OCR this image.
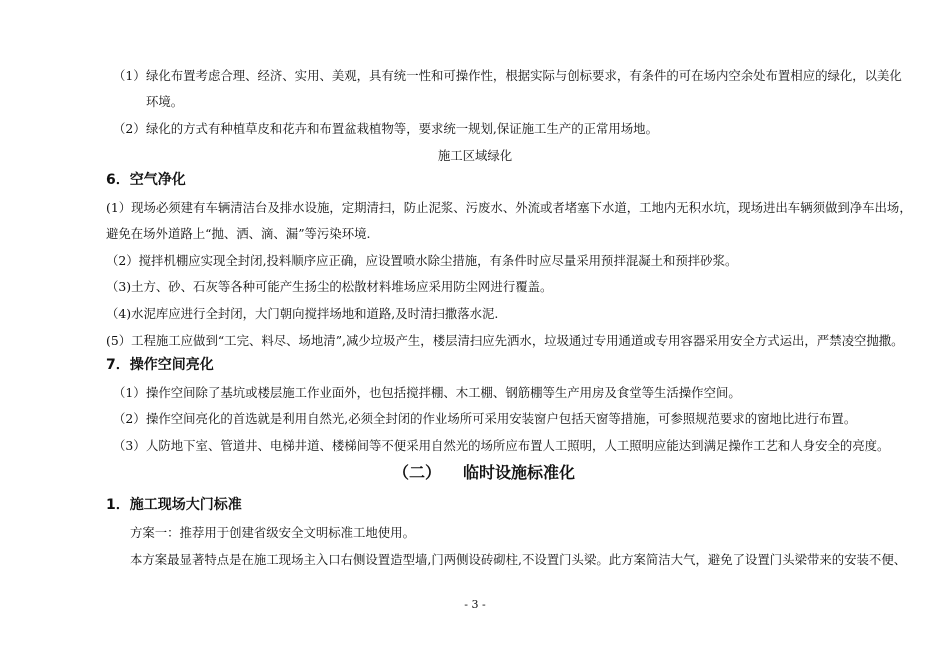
（1） 绿化布置考虑合理、经济、实用、美观，具有统一性和可操作性，根据实际与创标要求，有条件的可在场内空余处布置相应的绿化，以美化
环境。
（2） 绿化的方式有种植草皮和花卉和布置盆栽植物等，要求统一规划,保证施工生产的正常用场地。
施工区域绿化
6．空气净化
(1）现场必须建有车辆清洁台及排水设施，定期清扫，防止泥浆、污废水、外流或者堵塞下水道，工地内无积水坑，现场进出车辆须做到净车出场，
避免在场外道路上“抛、洒、滴、漏”等污染环境.
（2）搅拌机棚应实现全封闭,投料顺序应正确，应设置喷水除尘措施，有条件时应尽量采用预拌混凝土和预拌砂浆。
（3)土方、砂、石灰等各种可能产生扬尘的松散材料堆场应采用防尘网进行覆盖。
（4)水泥库应进行全封闭，大门朝向搅拌场地和道路,及时清扫撒落水泥.
(5）工程施工应做到“工完、料尽、场地清”,减少垃圾产生，楼层清扫应先洒水，垃圾通过专用通道或专用容器采用安全方式运出，严禁凌空抛撒。
7．操作空间亮化
（1） 操作空间除了基坑或楼层施工作业面外，也包括搅拌棚、木工棚、钢筋棚等生产用房及食堂等生活操作空间。
（2） 操作空间亮化的首选就是利用自然光,必须全封闭的作业场所可采用安装窗户包括天窗等措施，可参照规范要求的窗地比进行布置。
（3） 人防地下室、管道井、电梯井道、楼梯间等不便采用自然光的场所应布置人工照明，人工照明应能达到满足操作工艺和人身安全的亮度。
（二） 临时设施标准化
1．施工现场大门标准
方案一：推荐用于创建省级安全文明标准工地使用。
本方案最显著特点是在施工现场主入口右侧设置造型墙,门两侧设砖砌柱,不设置门头梁。此方案简洁大气，避免了设置门头梁带来的安装不便、
- 3 -
